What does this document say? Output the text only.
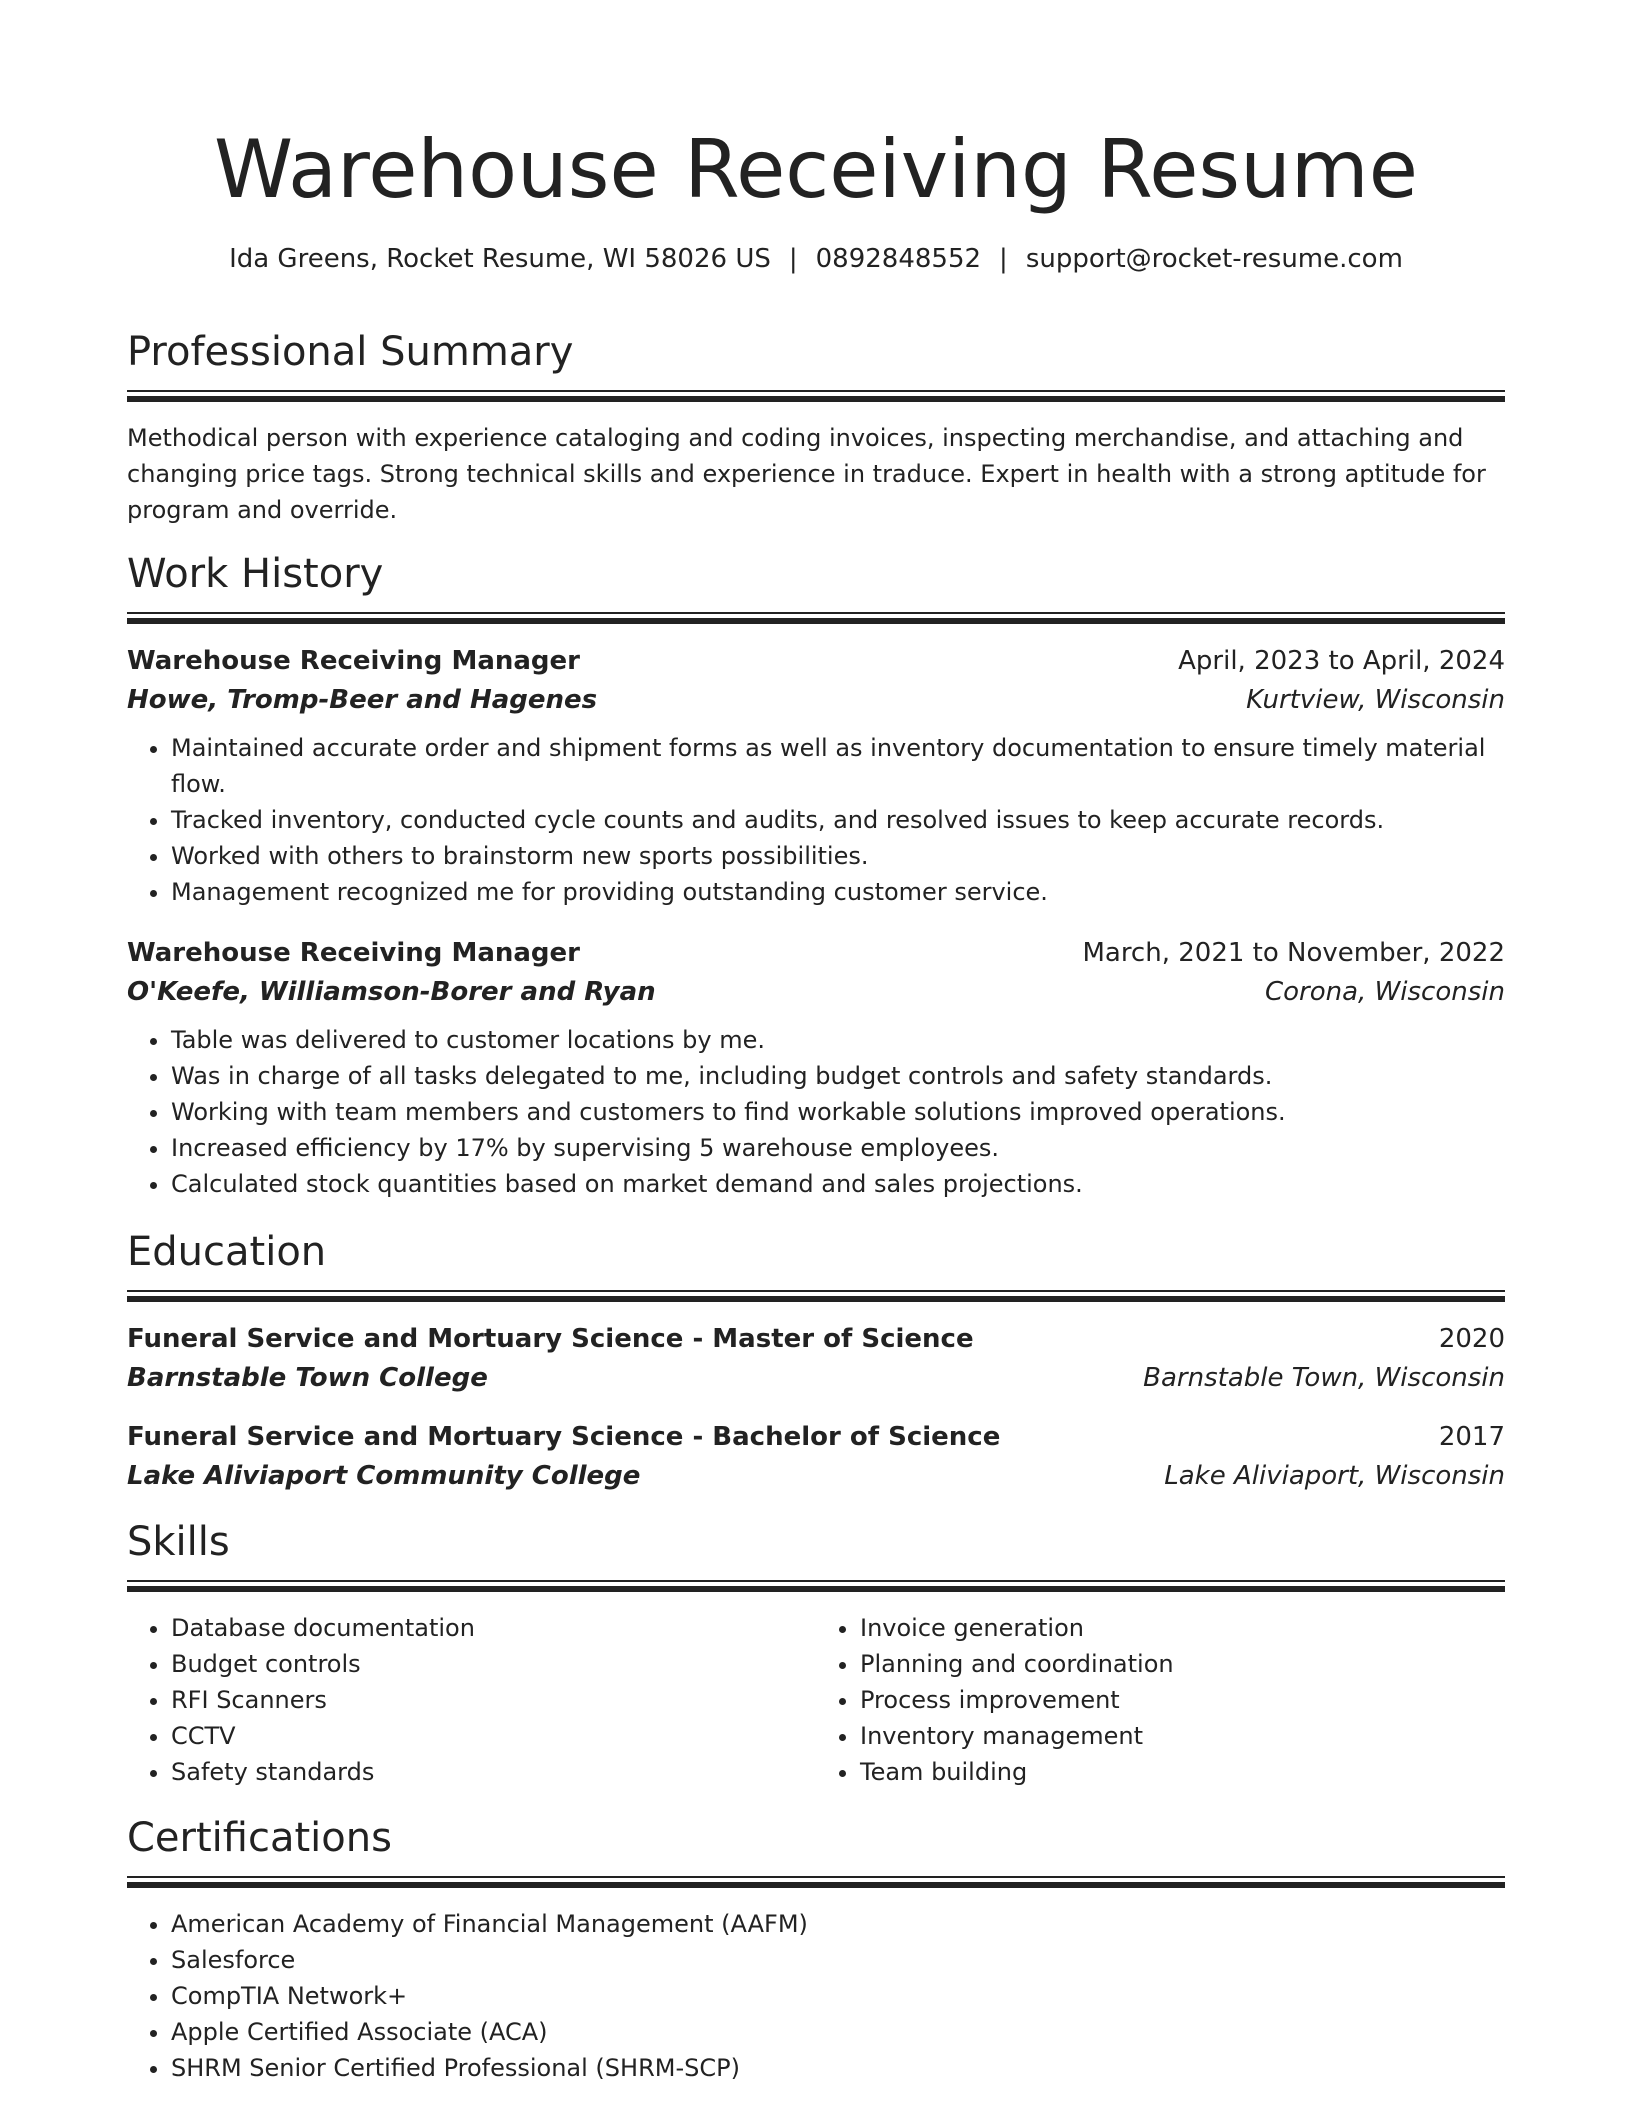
Warehouse Receiving Resume
Ida Greens, Rocket Resume, WI 58026 US | 0892848552 | support@rocket-resume.com
Professional Summary

Methodical person with experience cataloging and coding invoices, inspecting merchandise, and attaching and changing price tags. Strong technical skills and experience in traduce. Expert in health with a strong aptitude for program and override.

Work History
Warehouse Receiving Manager	April, 2023 to April, 2024
Howe, Tromp-Beer and Hagenes	Kurtview, Wisconsin
• Maintained accurate order and shipment forms as well as inventory documentation to ensure timely material flow.
• Tracked inventory, conducted cycle counts and audits, and resolved issues to keep accurate records.
• Worked with others to brainstorm new sports possibilities.
• Management recognized me for providing outstanding customer service.
Warehouse Receiving Manager	March, 2021 to November, 2022
O'Keefe, Williamson-Borer and Ryan	Corona, Wisconsin
• Table was delivered to customer locations by me.
• Was in charge of all tasks delegated to me, including budget controls and safety standards.
• Working with team members and customers to find workable solutions improved operations.
• Increased efficiency by 17% by supervising 5 warehouse employees.
• Calculated stock quantities based on market demand and sales projections.
Education
Funeral Service and Mortuary Science - Master of Science	2020
Barnstable Town College	Barnstable Town, Wisconsin
Funeral Service and Mortuary Science - Bachelor of Science	2017
Lake Aliviaport Community College	Lake Aliviaport, Wisconsin
Skills
• Database documentation
• Budget controls
• RFI Scanners
• CCTV
• Safety standards
• Invoice generation
• Planning and coordination
• Process improvement
• Inventory management
• Team building
Certifications
• American Academy of Financial Management (AAFM)
• Salesforce
• CompTIA Network+
• Apple Certified Associate (ACA)
• SHRM Senior Certified Professional (SHRM-SCP)
